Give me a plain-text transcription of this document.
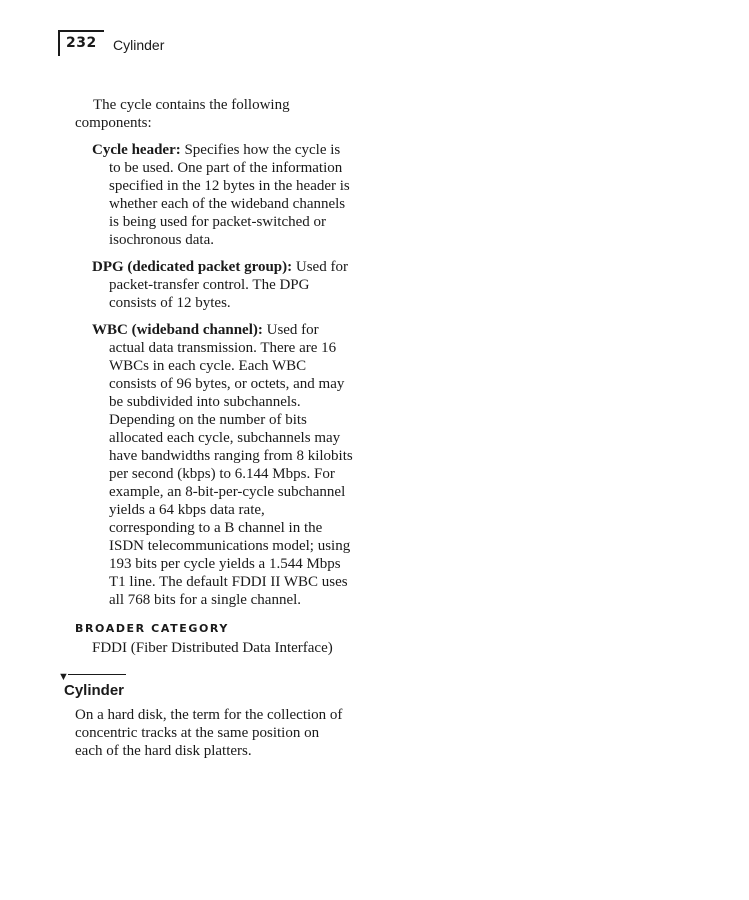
232 Cylinder
The cycle contains the following components:
Cycle header: Specifies how the cycle is to be used. One part of the information specified in the 12 bytes in the header is whether each of the wideband channels is being used for packet-switched or isochronous data.
DPG (dedicated packet group): Used for packet-transfer control. The DPG consists of 12 bytes.
WBC (wideband channel): Used for actual data transmission. There are 16 WBCs in each cycle. Each WBC consists of 96 bytes, or octets, and may be subdivided into subchannels. Depending on the number of bits allocated each cycle, subchannels may have bandwidths ranging from 8 kilobits per second (kbps) to 6.144 Mbps. For example, an 8-bit-per-cycle subchannel yields a 64 kbps data rate, corresponding to a B channel in the ISDN telecommunications model; using 193 bits per cycle yields a 1.544 Mbps T1 line. The default FDDI II WBC uses all 768 bits for a single channel.
BROADER CATEGORY
FDDI (Fiber Distributed Data Interface)
▼
Cylinder
On a hard disk, the term for the collection of concentric tracks at the same position on each of the hard disk platters.
